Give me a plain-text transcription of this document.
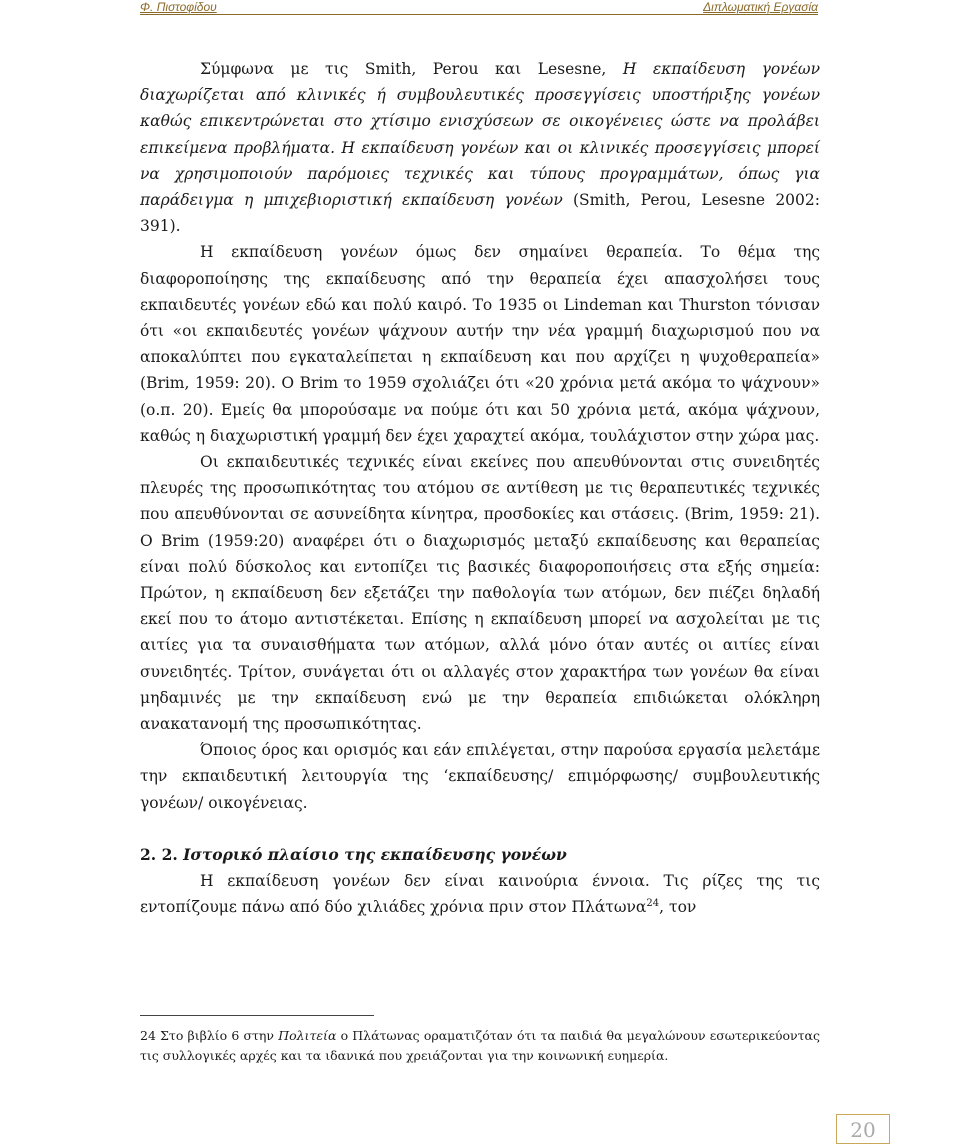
Φ. Πιστοφίδου	Διπλωματική Εργασία

Σύμφωνα με τις Smith, Perou και Lesesne, Η εκπαίδευση γονέων διαχωρίζεται από κλινικές ή συμβουλευτικές προσεγγίσεις υποστήριξης γονέων καθώς επικεντρώνεται στο χτίσιμο ενισχύσεων σε οικογένειες ώστε να προλάβει επικείμενα προβλήματα. Η εκπαίδευση γονέων και οι κλινικές προσεγγίσεις μπορεί να χρησιμοποιούν παρόμοιες τεχνικές και τύπους προγραμμάτων, όπως για παράδειγμα η μπιχεβιοριστική εκπαίδευση γονέων (Smith, Perou, Lesesne 2002: 391).

Η εκπαίδευση γονέων όμως δεν σημαίνει θεραπεία. Το θέμα της διαφοροποίησης της εκπαίδευσης από την θεραπεία έχει απασχολήσει τους εκπαιδευτές γονέων εδώ και πολύ καιρό. Το 1935 οι Lindeman και Thurston τόνισαν ότι «οι εκπαιδευτές γονέων ψάχνουν αυτήν την νέα γραμμή διαχωρισμού που να αποκαλύπτει που εγκαταλείπεται η εκπαίδευση και που αρχίζει η ψυχοθεραπεία» (Brim, 1959: 20). Ο Brim το 1959 σχολιάζει ότι «20 χρόνια μετά ακόμα το ψάχνουν» (ο.π. 20). Εμείς θα μπορούσαμε να πούμε ότι και 50 χρόνια μετά, ακόμα ψάχνουν, καθώς η διαχωριστική γραμμή δεν έχει χαραχτεί ακόμα, τουλάχιστον στην χώρα μας.

Οι εκπαιδευτικές τεχνικές είναι εκείνες που απευθύνονται στις συνειδητές πλευρές της προσωπικότητας του ατόμου σε αντίθεση με τις θεραπευτικές τεχνικές που απευθύνονται σε ασυνείδητα κίνητρα, προσδοκίες και στάσεις. (Brim, 1959: 21). Ο Brim (1959:20) αναφέρει ότι ο διαχωρισμός μεταξύ εκπαίδευσης και θεραπείας είναι πολύ δύσκολος και εντοπίζει τις βασικές διαφοροποιήσεις στα εξής σημεία: Πρώτον, η εκπαίδευση δεν εξετάζει την παθολογία των ατόμων, δεν πιέζει δηλαδή εκεί που το άτομο αντιστέκεται. Επίσης η εκπαίδευση μπορεί να ασχολείται με τις αιτίες για τα συναισθήματα των ατόμων, αλλά μόνο όταν αυτές οι αιτίες είναι συνειδητές. Τρίτον, συνάγεται ότι οι αλλαγές στον χαρακτήρα των γονέων θα είναι μηδαμινές με την εκπαίδευση ενώ με την θεραπεία επιδιώκεται ολόκληρη ανακατανομή της προσωπικότητας.

Όποιος όρος και ορισμός και εάν επιλέγεται, στην παρούσα εργασία μελετάμε την εκπαιδευτική λειτουργία της ‘εκπαίδευσης/ επιμόρφωσης/ συμβουλευτικής γονέων/ οικογένειας.

2. 2. Ιστορικό πλαίσιο της εκπαίδευσης γονέων

Η εκπαίδευση γονέων δεν είναι καινούρια έννοια. Τις ρίζες της τις εντοπίζουμε πάνω από δύο χιλιάδες χρόνια πριν στον Πλάτωνα$^{24}$, τον

24 Στο βιβλίο 6 στην Πολιτεία ο Πλάτωνας οραματιζόταν ότι τα παιδιά θα μεγαλώνουν εσωτερικεύοντας τις συλλογικές αρχές και τα ιδανικά που χρειάζονται για την κοινωνική ευημερία.
20
